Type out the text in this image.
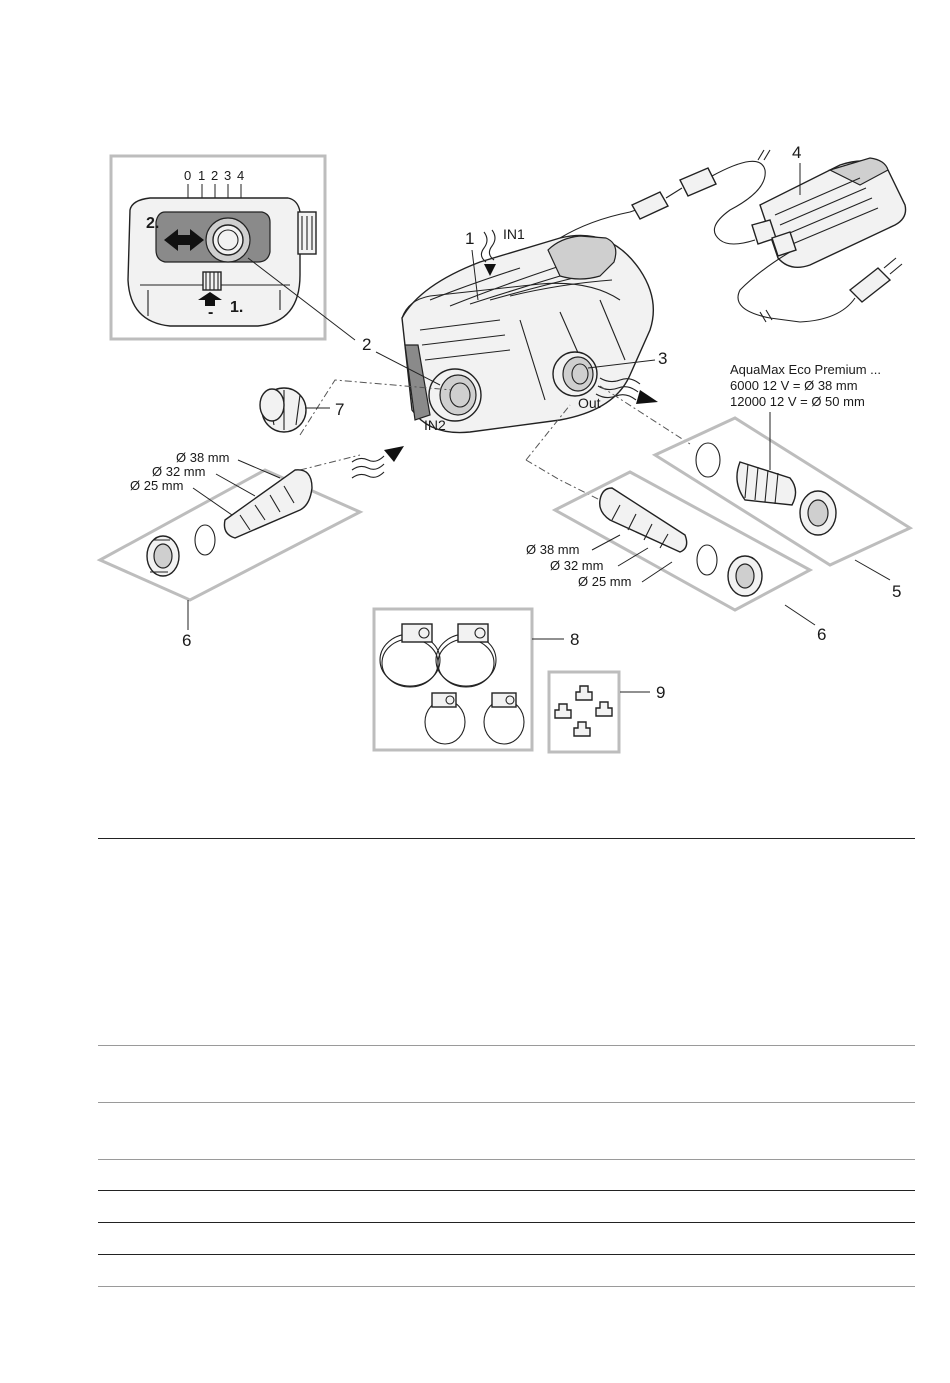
0 1 2 3 4
2.
1.
-
1
3
4
2
IN1
IN2
Out
7
Ø 38 mm
Ø 32 mm
Ø 25 mm
6
Ø 38 mm
Ø 32 mm
Ø 25 mm
6
AquaMax Eco Premium ...
6000 12 V = Ø 38 mm
12000 12 V = Ø 50 mm
5
8
9
